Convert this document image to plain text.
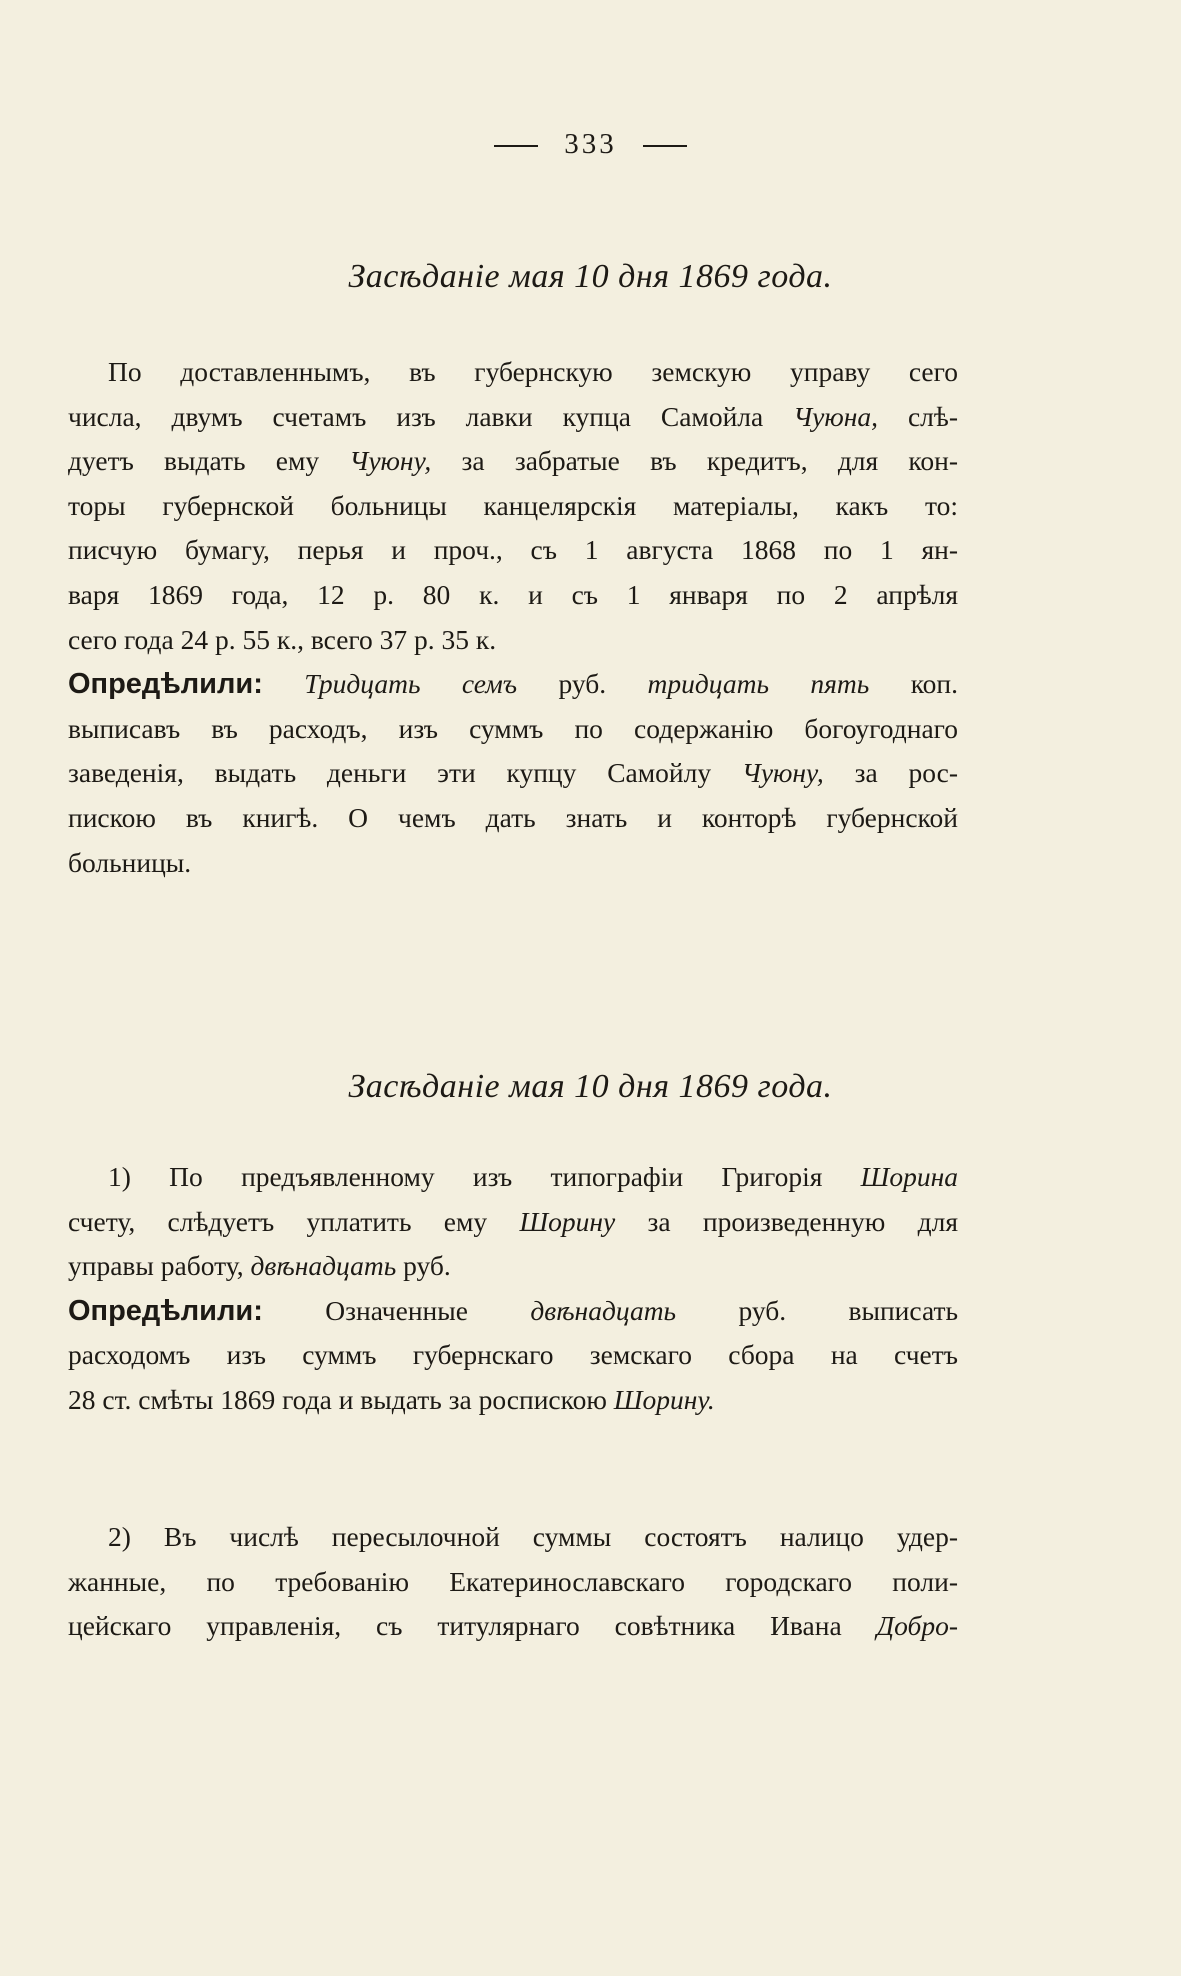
333
Засѣданіе мая 10 дня 1869 года.
По доставленнымъ, въ губернскую земскую управу сего
числа, двумъ счетамъ изъ лавки купца Самойла Чуюна, слѣ-
дуетъ выдать ему Чуюну, за забратые въ кредитъ, для кон-
торы губернской больницы канцелярскія матеріалы, какъ то:
писчую бумагу, перья и проч., съ 1 августа 1868 по 1 ян-
варя 1869 года, 12 р. 80 к. и съ 1 января по 2 апрѣля
сего года 24 р. 55 к., всего 37 р. 35 к.
Опредѣлили: Тридцать семъ руб. тридцать пять коп.
выписавъ въ расходъ, изъ суммъ по содержанію богоугоднаго
заведенія, выдать деньги эти купцу Самойлу Чуюну, за рос-
пискою въ книгѣ. О чемъ дать знать и конторѣ губернской
больницы.
Засѣданіе мая 10 дня 1869 года.
1) По предъявленному изъ типографіи Григорія Шорина
счету, слѣдуетъ уплатить ему Шорину за произведенную для
управы работу, двѣнадцать руб.
Опредѣлили: Означенные двѣнадцать руб. выписать
расходомъ изъ суммъ губернскаго земскаго сбора на счетъ
28 ст. смѣты 1869 года и выдать за роспискою Шорину.
2) Въ числѣ пересылочной суммы состоятъ налицо удер-
жанные, по требованію Екатеринославскаго городскаго поли-
цейскаго управленія, съ титулярнаго совѣтника Ивана Добро-
